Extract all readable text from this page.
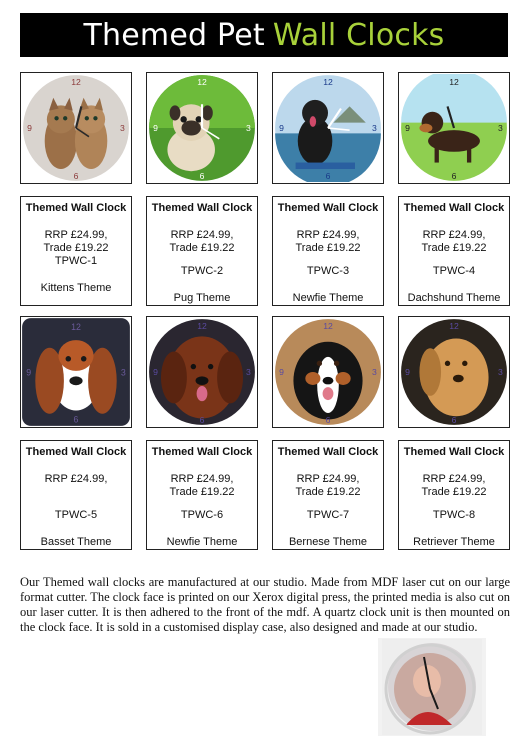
Themed Pet Wall Clocks
12
3
6
9
12
3
6
9
12
3
6
9
12
3
6
9
Themed Wall Clock
RRP £24.99,
Trade £19.22
TPWC-1
Kittens Theme
Themed Wall Clock
RRP £24.99,
Trade £19.22
TPWC-2
Pug Theme
Themed Wall Clock
RRP £24.99,
Trade £19.22
TPWC-3
Newfie Theme
Themed Wall Clock
RRP £24.99,
Trade £19.22
TPWC-4
Dachshund Theme
12
3
6
9
12
3
6
9
12
3
6
9
12
3
6
9
Themed Wall Clock
RRP £24.99,
TPWC-5
Basset Theme
Themed Wall Clock
RRP £24.99,
Trade £19.22
TPWC-6
Newfie Theme
Themed Wall Clock
RRP £24.99,
Trade £19.22
TPWC-7
Bernese Theme
Themed Wall Clock
RRP £24.99,
Trade £19.22
TPWC-8
Retriever Theme

Our Themed wall clocks are manufactured at our studio. Made from MDF laser cut on our large format cutter. The clock face is printed on our Xerox digital press, the printed media is also cut on our laser cutter. It is then adhered to the front of the mdf. A quartz clock unit is then mounted on the clock face. It is sold in a customised display case, also designed and made at our studio.
